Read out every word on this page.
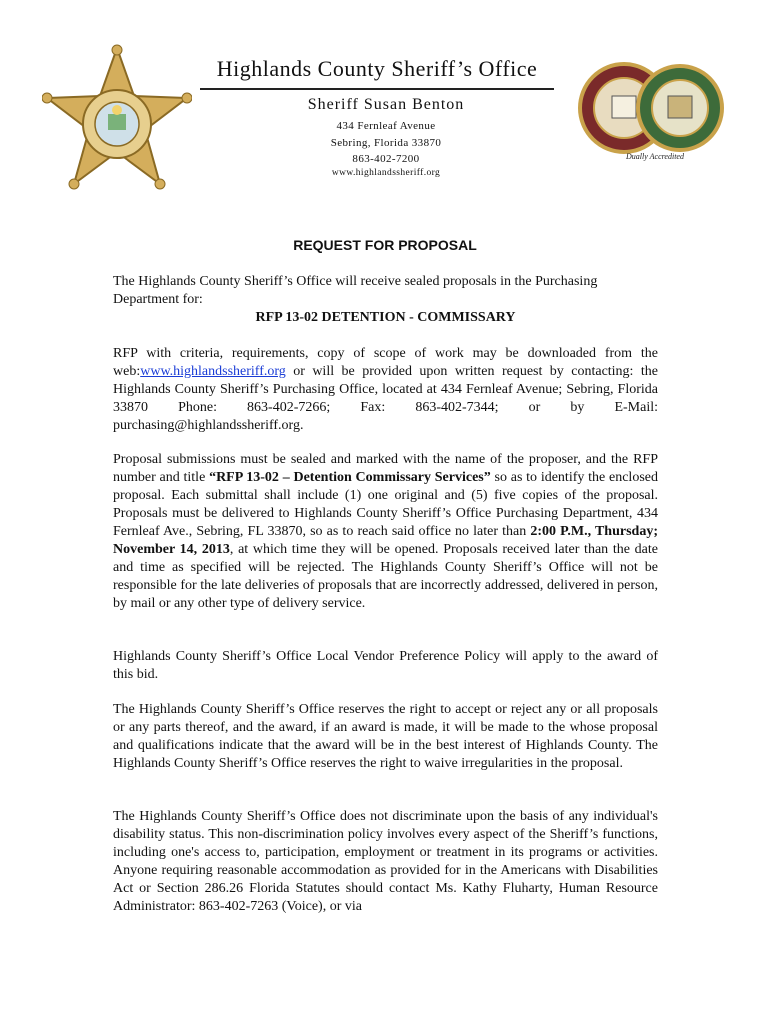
Dually Accredited
Highlands County Sheriff’s Office
Sheriff Susan Benton
434 Fernleaf Avenue
Sebring, Florida 33870
863-402-7200
www.highlandssheriff.org
REQUEST FOR PROPOSAL

The Highlands County Sheriff’s Office will receive sealed proposals in the Purchasing Department for:

RFP 13-02 DETENTION - COMMISSARY

RFP with criteria, requirements, copy of scope of work may be downloaded from the web:www.highlandssheriff.org or will be provided upon written request by contacting: the Highlands County Sheriff’s Purchasing Office, located at 434 Fernleaf Avenue; Sebring, Florida 33870 Phone: 863-402-7266; Fax: 863-402-7344; or by E-Mail: purchasing@highlandssheriff.org.

Proposal submissions must be sealed and marked with the name of the proposer, and the RFP number and title “RFP 13-02 – Detention Commissary Services” so as to identify the enclosed proposal. Each submittal shall include (1) one original and (5) five copies of the proposal. Proposals must be delivered to Highlands County Sheriff’s Office Purchasing Department, 434 Fernleaf Ave., Sebring, FL 33870, so as to reach said office no later than 2:00 P.M., Thursday; November 14, 2013, at which time they will be opened. Proposals received later than the date and time as specified will be rejected. The Highlands County Sheriff’s Office will not be responsible for the late deliveries of proposals that are incorrectly addressed, delivered in person, by mail or any other type of delivery service.

Highlands County Sheriff’s Office Local Vendor Preference Policy will apply to the award of this bid.

The Highlands County Sheriff’s Office reserves the right to accept or reject any or all proposals or any parts thereof, and the award, if an award is made, it will be made to the whose proposal and qualifications indicate that the award will be in the best interest of Highlands County. The Highlands County Sheriff’s Office reserves the right to waive irregularities in the proposal.

The Highlands County Sheriff’s Office does not discriminate upon the basis of any individual's disability status. This non-discrimination policy involves every aspect of the Sheriff’s functions, including one's access to, participation, employment or treatment in its programs or activities. Anyone requiring reasonable accommodation as provided for in the Americans with Disabilities Act or Section 286.26 Florida Statutes should contact Ms. Kathy Fluharty, Human Resource Administrator: 863-402-7263 (Voice), or via
